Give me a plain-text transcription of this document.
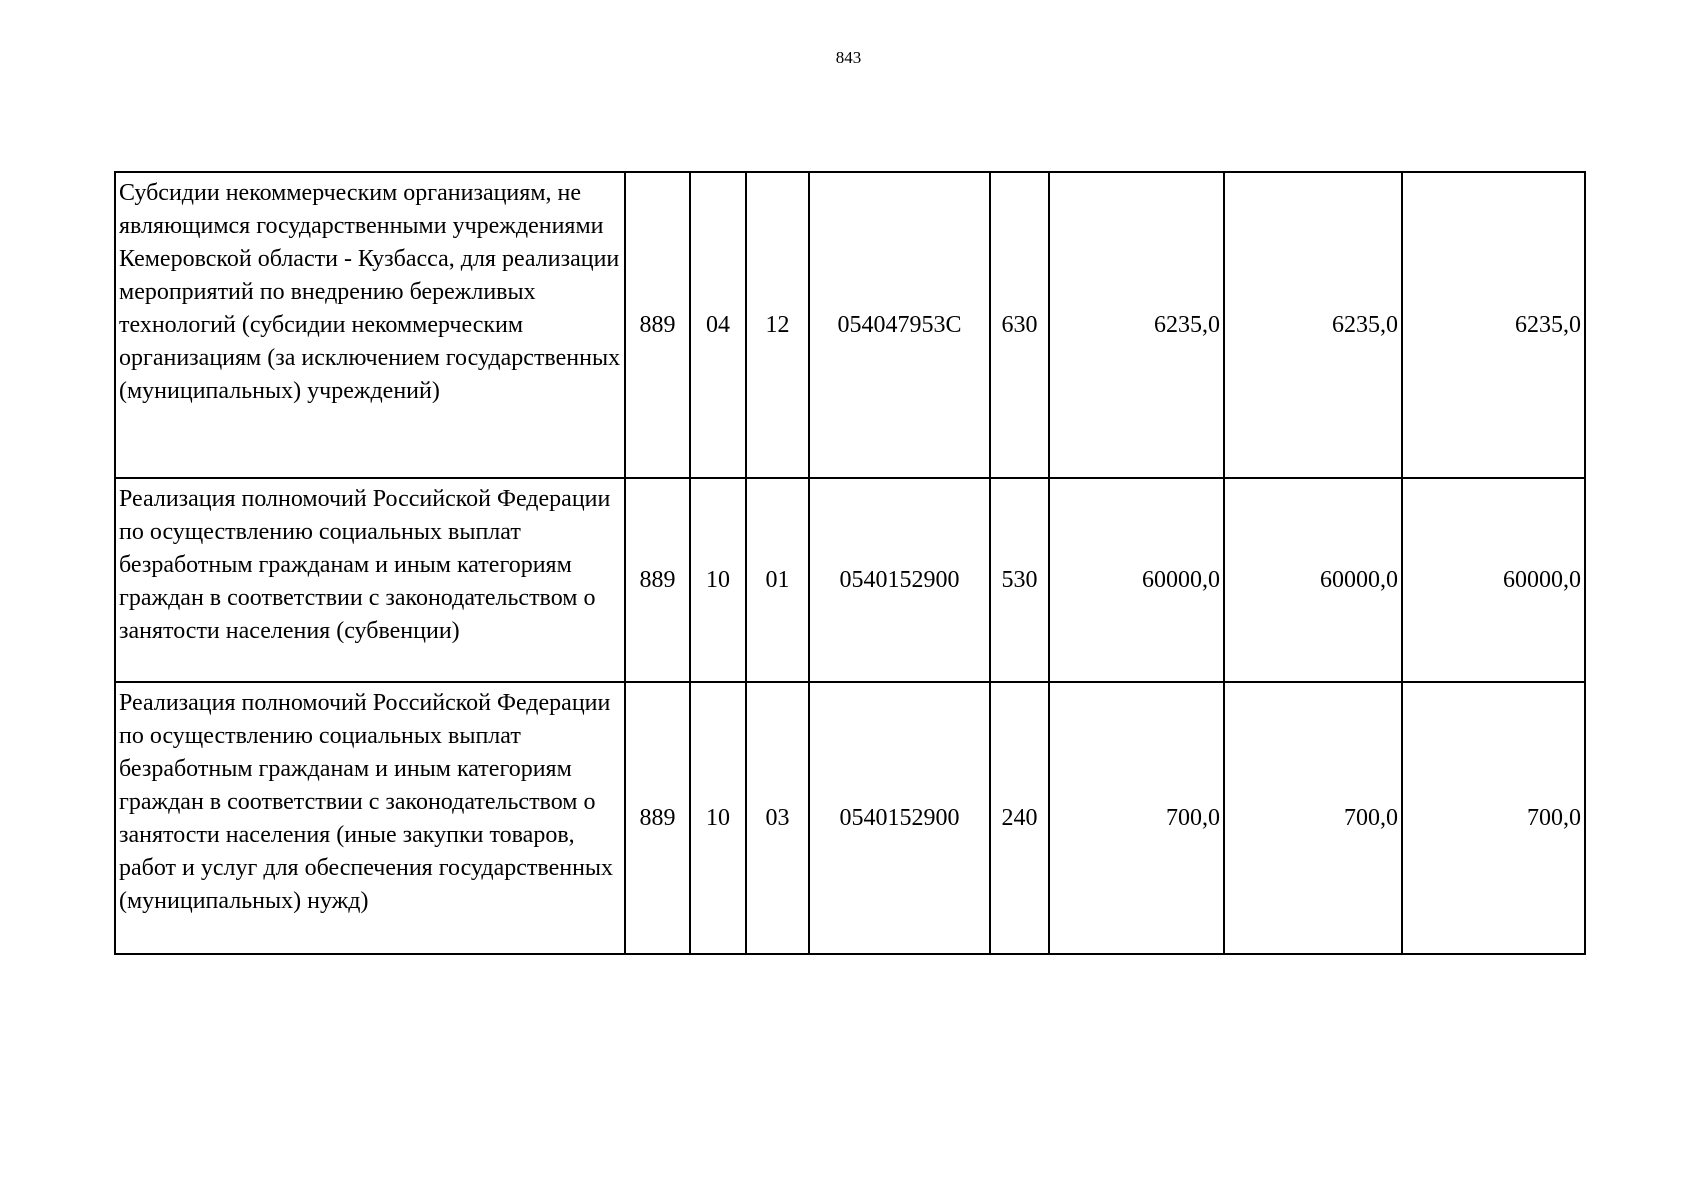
843
Субсидии некоммерческим организациям, не являющимся государственными учреждениями Кемеровской области - Кузбасса, для реализации мероприятий по внедрению бережливых технологий (субсидии некоммерческим организациям (за исключением государственных (муниципальных) учреждений)	889	04	12	054047953С	630	6235,0	6235,0	6235,0
Реализация полномочий Российской Федерации по осуществлению социальных выплат безработным гражданам и иным категориям граждан в соответствии с законодательством о занятости населения (субвенции)	889	10	01	0540152900	530	60000,0	60000,0	60000,0
Реализация полномочий Российской Федерации по осуществлению социальных выплат безработным гражданам и иным категориям граждан в соответствии с законодательством о занятости населения (иные закупки товаров, работ и услуг для обеспечения государственных (муниципальных) нужд)	889	10	03	0540152900	240	700,0	700,0	700,0
